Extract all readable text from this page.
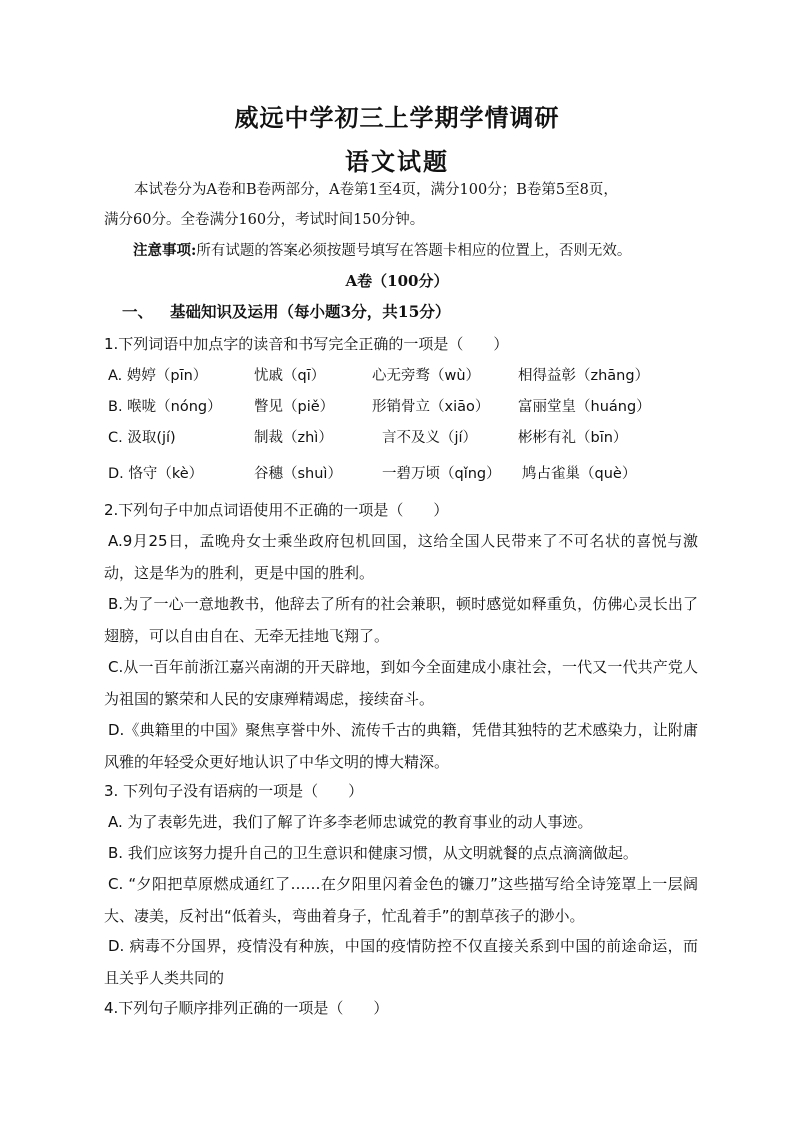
威远中学初三上学期学情调研
语文试题
本试卷分为A卷和B卷两部分，A卷第1至4页，满分100分；B卷第5至8页，
满分60分。全卷满分160分，考试时间150分钟。
注意事项:所有试题的答案必须按题号填写在答题卡相应的位置上，否则无效。
A卷（100分）
一、 基础知识及运用（每小题3分，共15分）
1.下列词语中加点字的读音和书写完全正确的一项是（　　）
A. 娉婷（pīn）	忧戚（qī）	心无旁骛（wù）	相得益彰（zhāng）
B. 喉咙（nóng） 瞥见（piě）	形销骨立（xiāo） 富丽堂皇（huáng）
C. 汲取(jí)	制裁（zhì）	言不及义（jí）	彬彬有礼（bīn）
D. 恪守（kè）	谷穗（shuì）	一碧万顷（qǐng） 鸠占雀巢（què）
2.下列句子中加点词语使用不正确的一项是（　　）
A.9月25日，孟晚舟女士乘坐政府包机回国，这给全国人民带来了不可名状的喜悦与激动，这是华为的胜利，更是中国的胜利。
B.为了一心一意地教书，他辞去了所有的社会兼职，顿时感觉如释重负，仿佛心灵长出了翅膀，可以自由自在、无牵无挂地飞翔了。
C.从一百年前浙江嘉兴南湖的开天辟地，到如今全面建成小康社会，一代又一代共产党人为祖国的繁荣和人民的安康殚精竭虑，接续奋斗。
D.《典籍里的中国》聚焦享誉中外、流传千古的典籍，凭借其独特的艺术感染力，让附庸风雅的年轻受众更好地认识了中华文明的博大精深。
3. 下列句子没有语病的一项是（　　）
A. 为了表彰先进，我们了解了许多李老师忠诚党的教育事业的动人事迹。
B. 我们应该努力提升自己的卫生意识和健康习惯，从文明就餐的点点滴滴做起。
C. “夕阳把草原燃成通红了……在夕阳里闪着金色的镰刀”这些描写给全诗笼罩上一层阔大、凄美，反衬出“低着头，弯曲着身子，忙乱着手”的割草孩子的渺小。
D. 病毒不分国界，疫情没有种族，中国的疫情防控不仅直接关系到中国的前途命运，而且关乎人类共同的
4.下列句子顺序排列正确的一项是（　　）
